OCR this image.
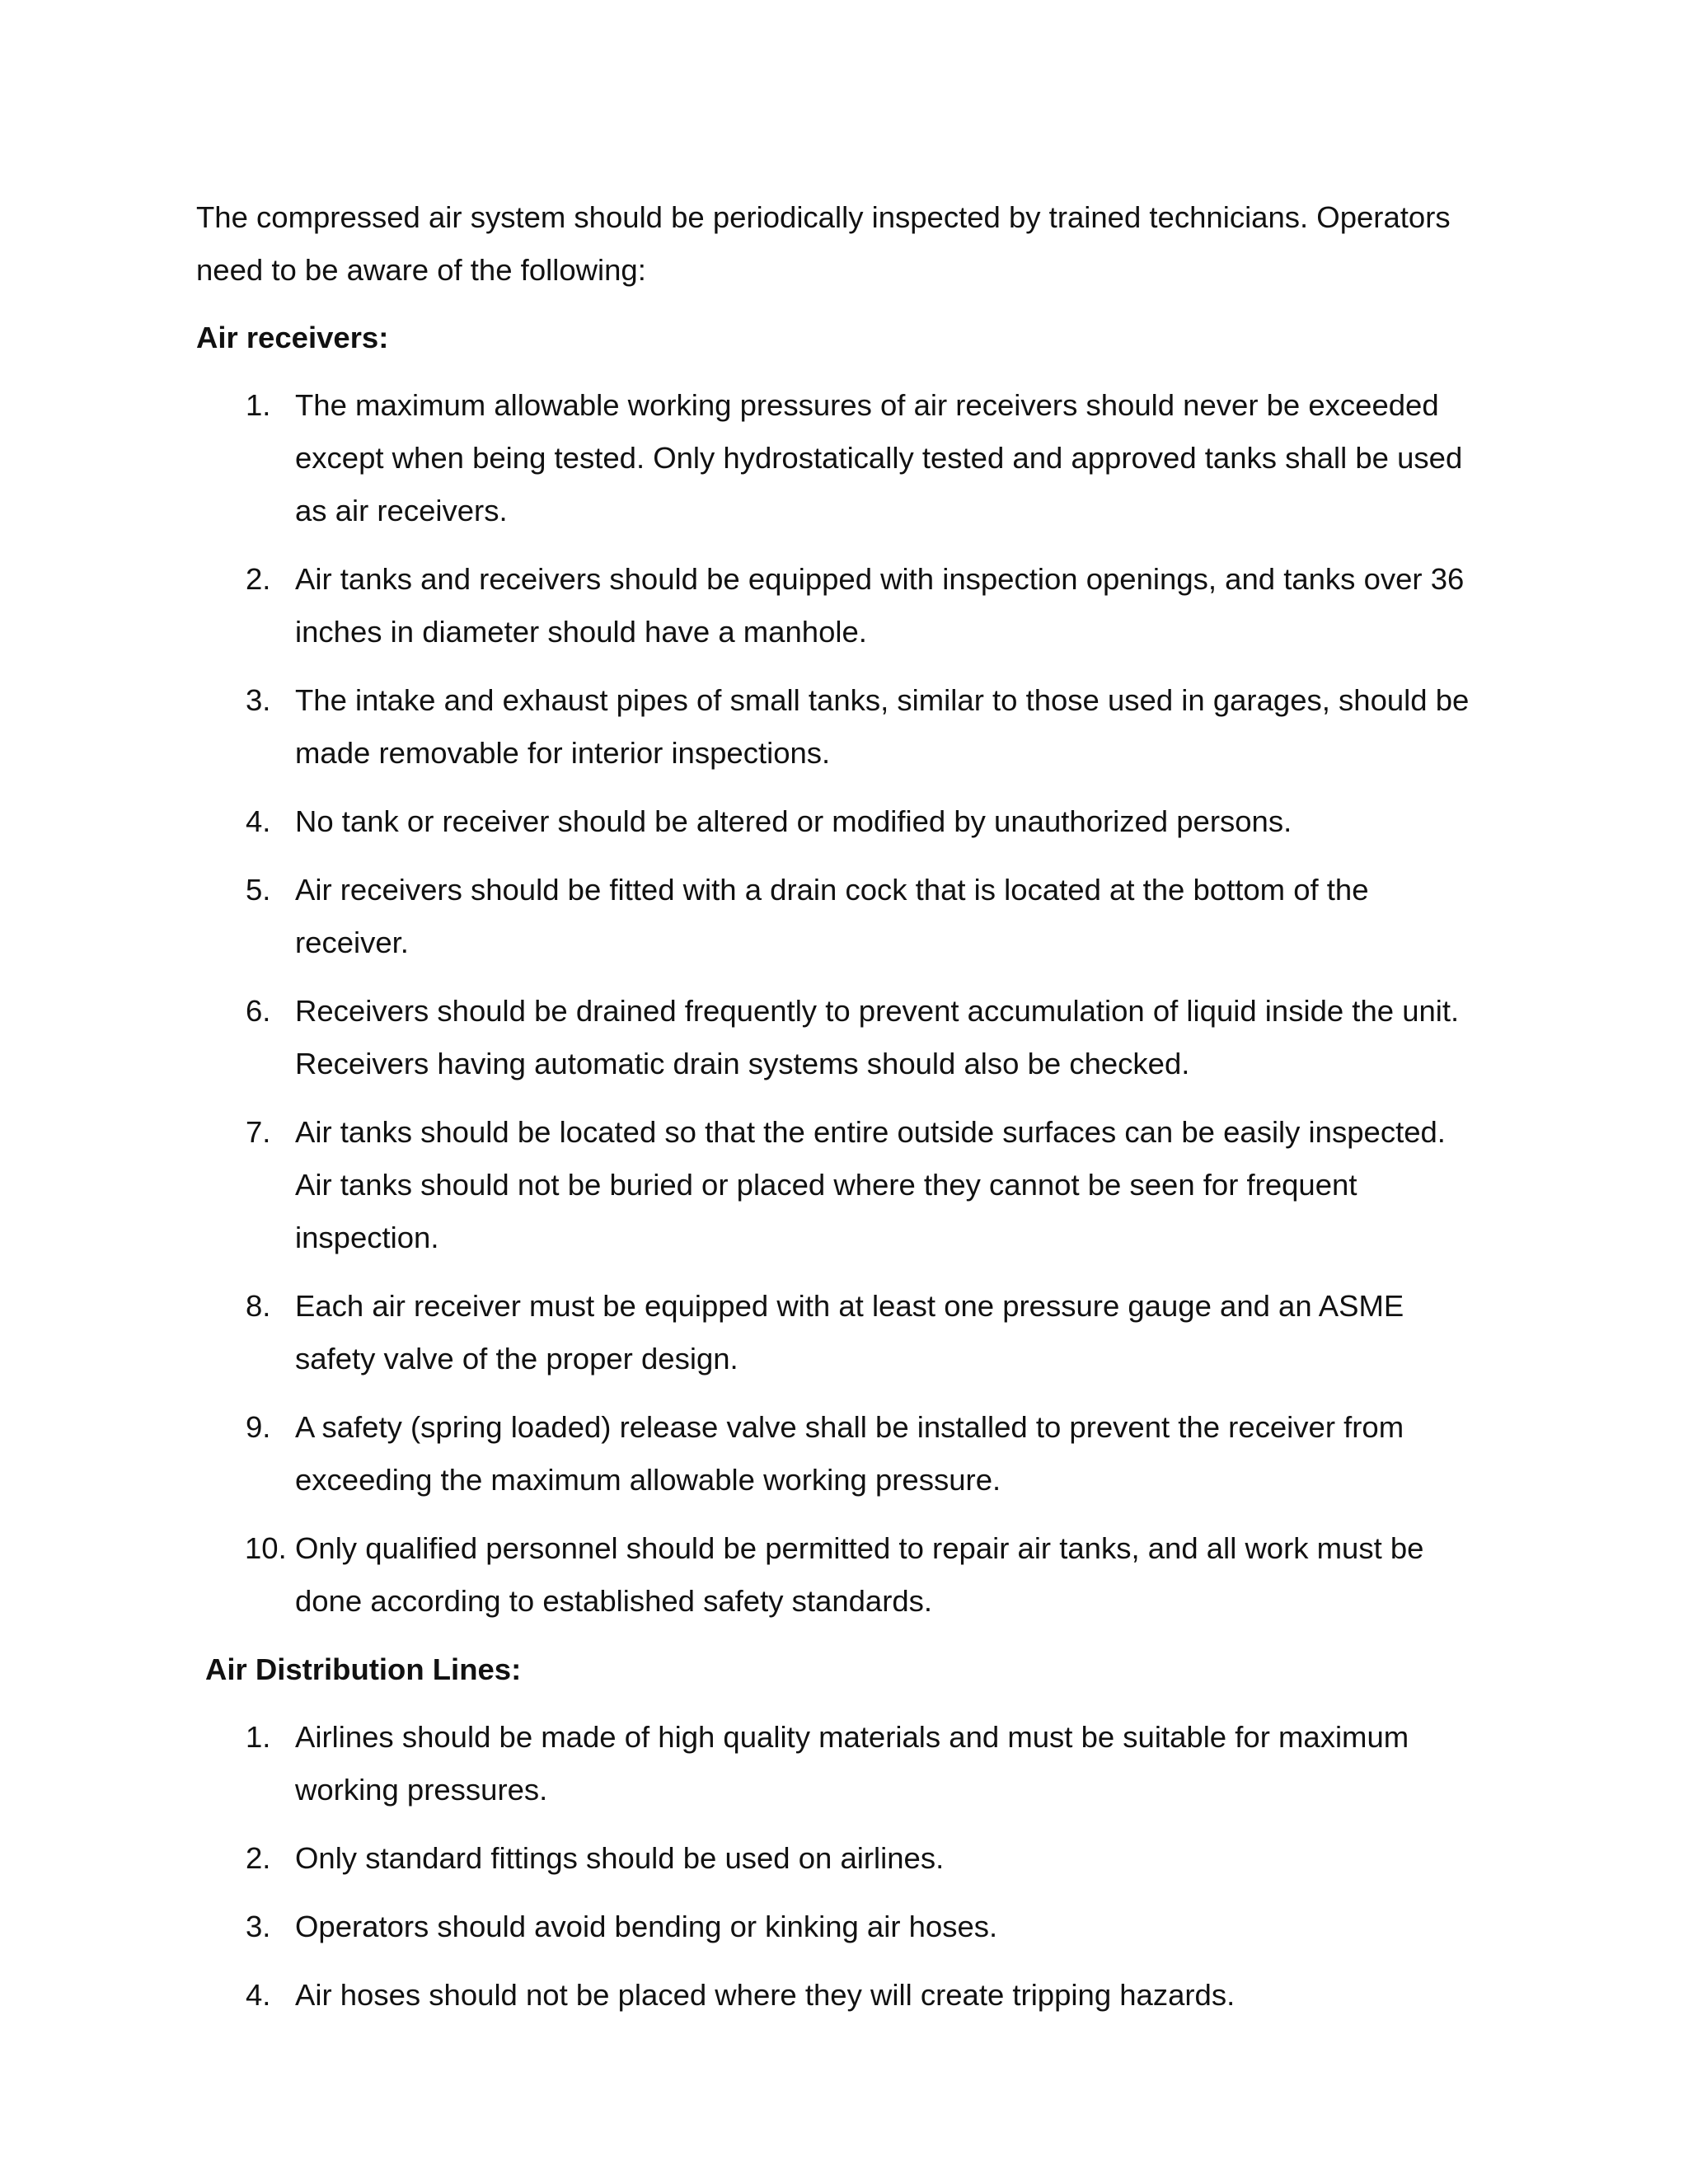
The compressed air system should be periodically inspected by trained technicians. Operators need to be aware of the following:

Air receivers:
1. The maximum allowable working pressures of air receivers should never be exceeded except when being tested. Only hydrostatically tested and approved tanks shall be used as air receivers.
2. Air tanks and receivers should be equipped with inspection openings, and tanks over 36 inches in diameter should have a manhole.
3. The intake and exhaust pipes of small tanks, similar to those used in garages, should be made removable for interior inspections.
4. No tank or receiver should be altered or modified by unauthorized persons.
5. Air receivers should be fitted with a drain cock that is located at the bottom of the receiver.
6. Receivers should be drained frequently to prevent accumulation of liquid inside the unit. Receivers having automatic drain systems should also be checked.
7. Air tanks should be located so that the entire outside surfaces can be easily inspected. Air tanks should not be buried or placed where they cannot be seen for frequent inspection.
8. Each air receiver must be equipped with at least one pressure gauge and an ASME safety valve of the proper design.
9. A safety (spring loaded) release valve shall be installed to prevent the receiver from exceeding the maximum allowable working pressure.
10. Only qualified personnel should be permitted to repair air tanks, and all work must be done according to established safety standards.
Air Distribution Lines:
1. Airlines should be made of high quality materials and must be suitable for maximum working pressures.
2. Only standard fittings should be used on airlines.
3. Operators should avoid bending or kinking air hoses.
4. Air hoses should not be placed where they will create tripping hazards.
